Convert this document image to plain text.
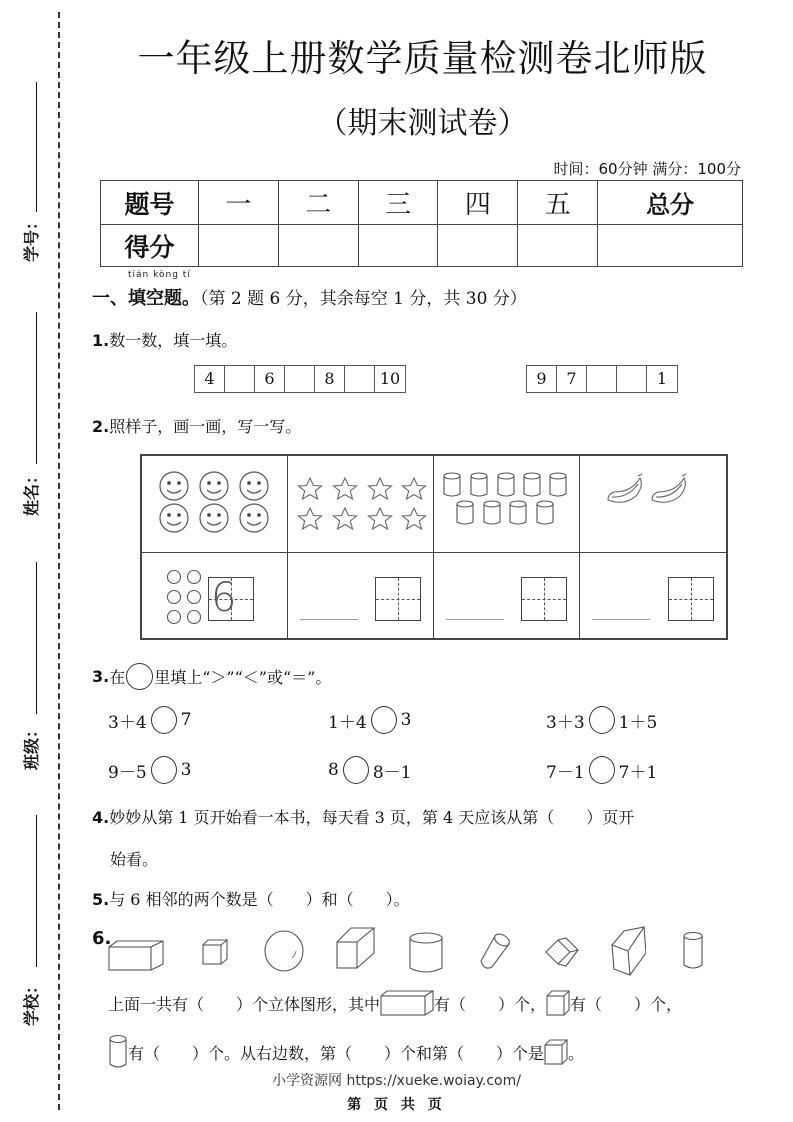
学号：
姓名：
班级：
学校：
一年级上册数学质量检测卷北师版
（期末测试卷）
时间：60分钟 满分：100分
题号	一	二	三	四	五	总分
得分						
tián kòng tí
一、填空题。（第 2 题 6 分，其余每空 1 分，共 30 分）
1.数一数，填一填。
4	6	8	10	9	7	1
2.照样子，画一画，写一写。
6
3. 在 里填上“＞”“＜”或“＝”。
3＋4 7	1＋4 3	3＋3 1＋5
9－5 3	8 8－1	7－1 7＋1
4.妙妙从第 1 页开始看一本书，每天看 3 页，第 4 天应该从第（　　）页开
始看。
5.与 6 相邻的两个数是（　　）和（　　）。
6.
上面一共有（　　）个立体图形，其中	有（　　）个， 有（　　）个，
有（　　）个。从右边数，第（　　）个和第（　　）个是 。
小学资源网 https://xueke.woiay.com/
第 页 共 页
